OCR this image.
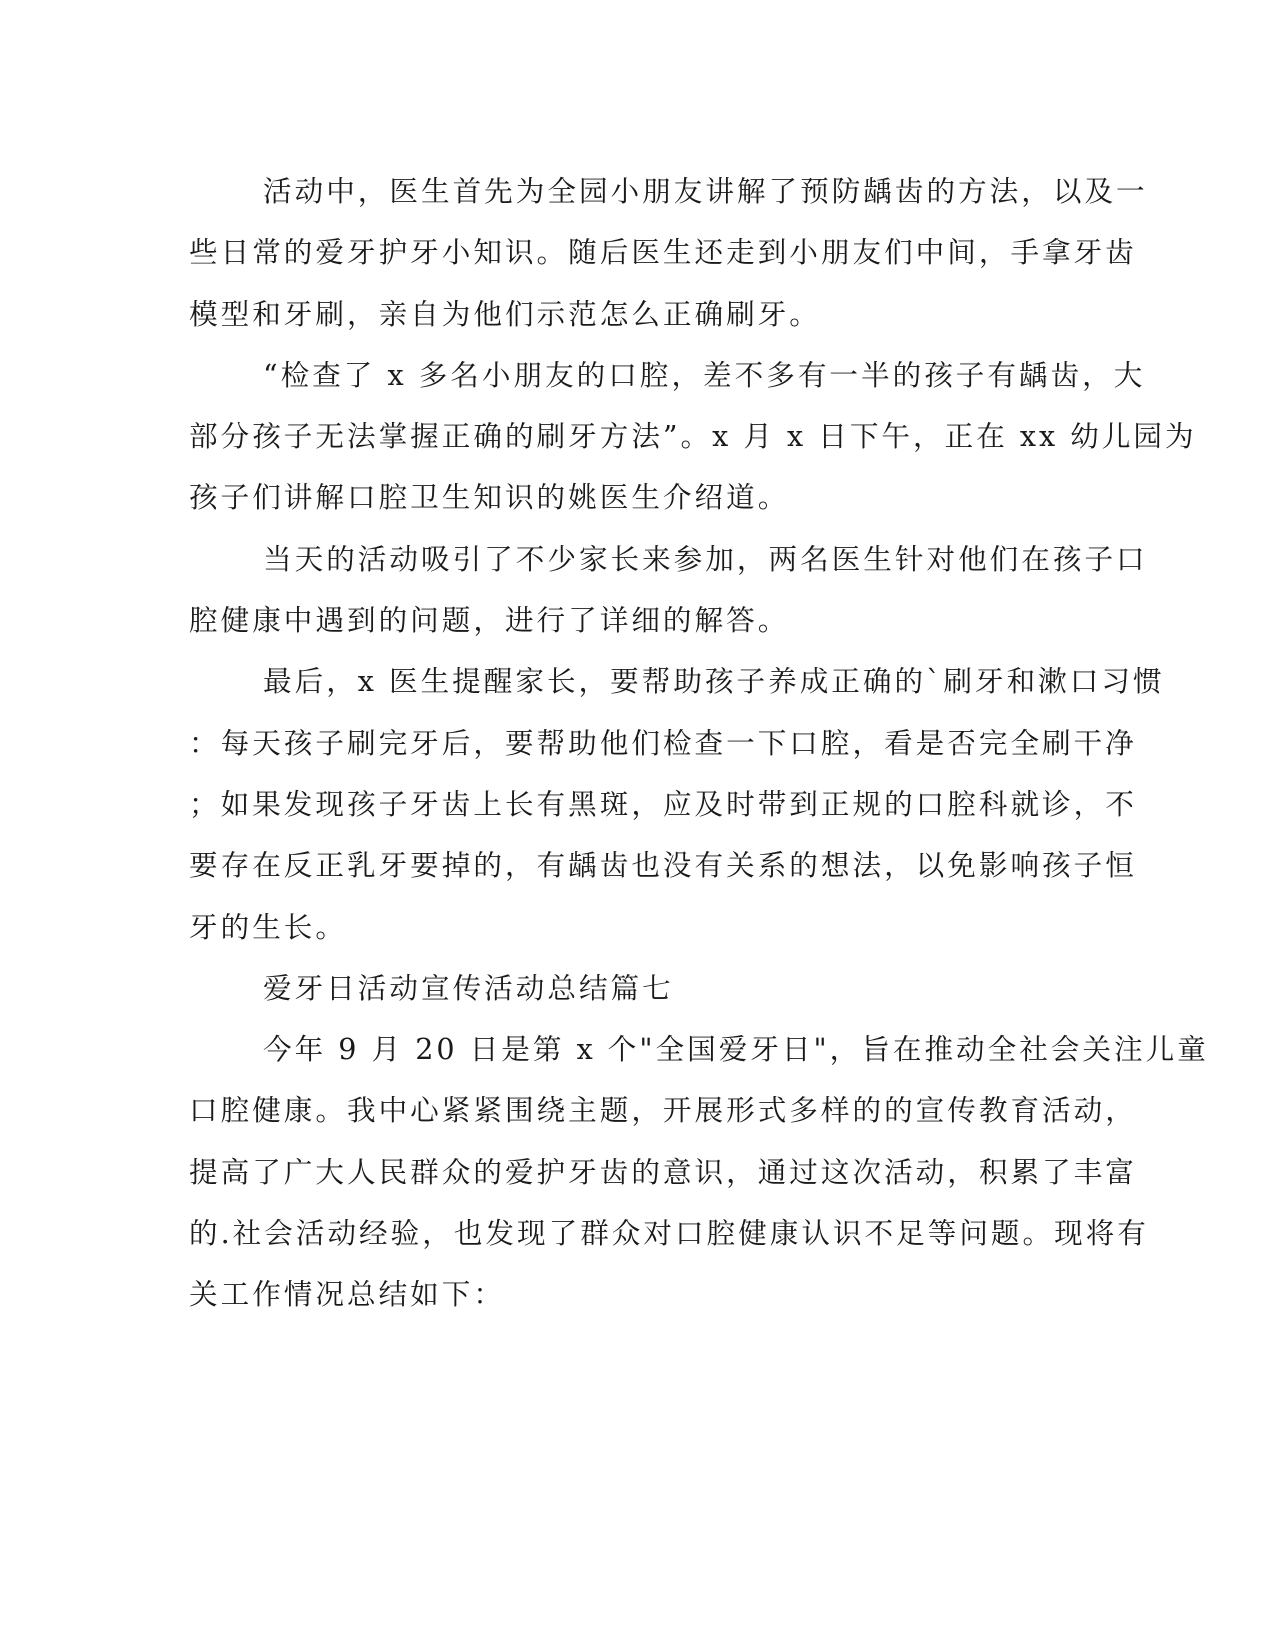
活动中，医生首先为全园小朋友讲解了预防龋齿的方法，以及一
些日常的爱牙护牙小知识。随后医生还走到小朋友们中间，手拿牙齿
模型和牙刷，亲自为他们示范怎么正确刷牙。
“检查了 x 多名小朋友的口腔，差不多有一半的孩子有龋齿，大
部分孩子无法掌握正确的刷牙方法”。x 月 x 日下午，正在 xx 幼儿园为
孩子们讲解口腔卫生知识的姚医生介绍道。
当天的活动吸引了不少家长来参加，两名医生针对他们在孩子口
腔健康中遇到的问题，进行了详细的解答。
最后，x 医生提醒家长，要帮助孩子养成正确的`刷牙和漱口习惯
：每天孩子刷完牙后，要帮助他们检查一下口腔，看是否完全刷干净
；如果发现孩子牙齿上长有黑斑，应及时带到正规的口腔科就诊，不
要存在反正乳牙要掉的，有龋齿也没有关系的想法，以免影响孩子恒
牙的生长。
爱牙日活动宣传活动总结篇七
今年 9 月 20 日是第 x 个"全国爱牙日"，旨在推动全社会关注儿童
口腔健康。我中心紧紧围绕主题，开展形式多样的的宣传教育活动，
提高了广大人民群众的爱护牙齿的意识，通过这次活动，积累了丰富
的.社会活动经验，也发现了群众对口腔健康认识不足等问题。现将有
关工作情况总结如下：
